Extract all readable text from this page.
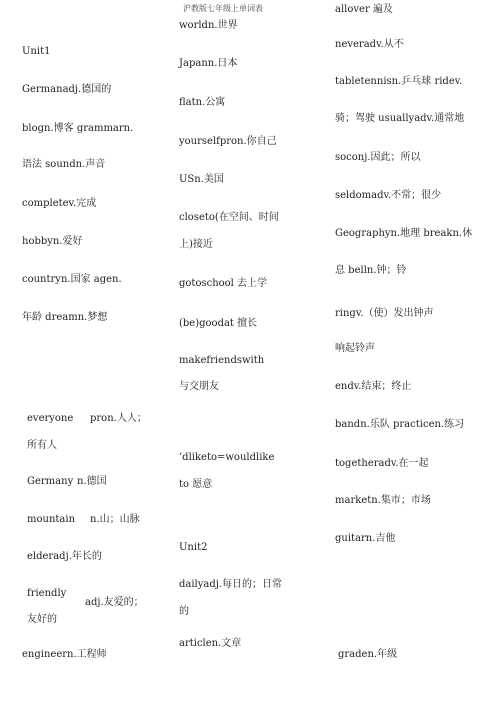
沪教版七年级上单词表
Unit1
Germanadj.德国的
blogn.博客 grammarn.
语法 soundn.声音
completev.完成
hobbyn.爱好
countryn.国家 agen.
年龄 dreamn.梦想
everyone pron.人人；
所有人
Germany n.德国
mountain n.山；山脉
elderadj.年长的
friendly
adj.友爱的；
友好的
engineern.工程师
worldn.世界
Japann.日本
flatn.公寓
yourselfpron.你自己
USn.美国
closeto(在空间、时间
上)接近
gotoschool 去上学
(be)goodat 擅长
makefriendswith
与交朋友
’dliketo=wouldlike
to 愿意
Unit2
dailyadj.每日的；日常
的
articlen.文章
allover 遍及
neveradv.从不
tabletennisn.乒乓球 ridev.
骑；驾驶 usuallyadv.通常地
soconj.因此；所以
seldomadv.不常；很少
Geographyn.地理 breakn.休
息 belln.钟；铃
ringv.（使）发出钟声
响起铃声
endv.结束；终止
bandn.乐队 practicen.练习
togetheradv.在一起
marketn.集市；市场
guitarn.吉他
graden.年级
